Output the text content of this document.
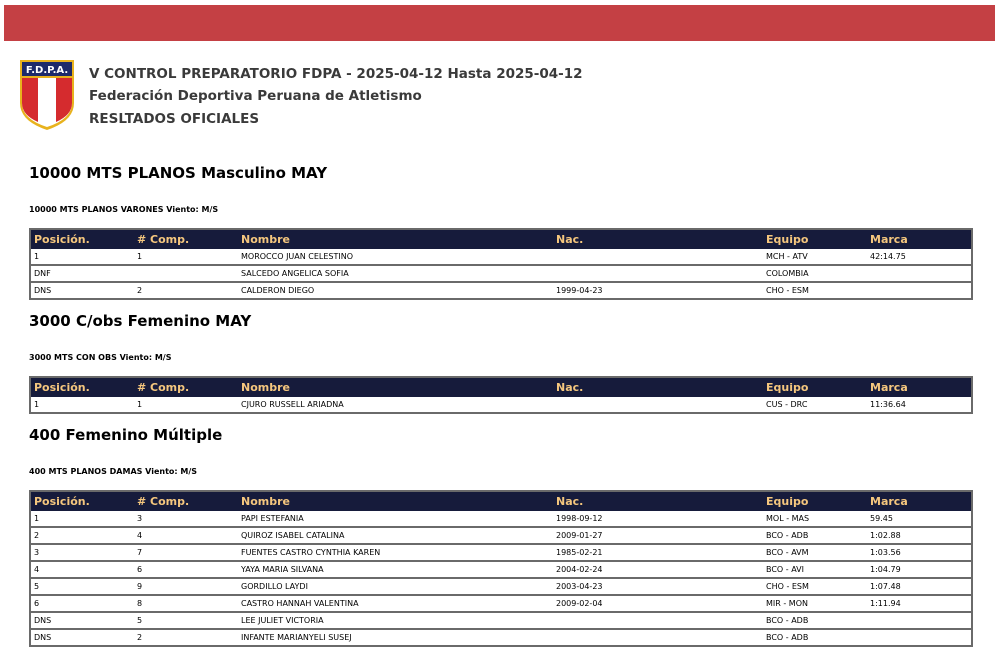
F.D.P.A. V CONTROL PREPARATORIO FDPA - 2025-04-12 Hasta 2025-04-12
Federación Deportiva Peruana de Atletismo
RESLTADOS OFICIALES
10000 MTS PLANOS Masculino MAY
10000 MTS PLANOS VARONES Viento: M/S
Posición.	# Comp.	Nombre	Nac.	Equipo	Marca
1	1	MOROCCO JUAN CELESTINO		MCH - ATV	42:14.75
DNF		SALCEDO ANGELICA SOFIA		COLOMBIA	
DNS	2	CALDERON DIEGO	1999-04-23	CHO - ESM	
3000 C/obs Femenino MAY
3000 MTS CON OBS Viento: M/S
Posición.	# Comp.	Nombre	Nac.	Equipo	Marca
1	1	CJURO RUSSELL ARIADNA		CUS - DRC	11:36.64
400 Femenino Múltiple
400 MTS PLANOS DAMAS Viento: M/S
Posición.	# Comp.	Nombre	Nac.	Equipo	Marca
1	3	PAPI ESTEFANIA	1998-09-12	MOL - MAS	59.45
2	4	QUIROZ ISABEL CATALINA	2009-01-27	BCO - ADB	1:02.88
3	7	FUENTES CASTRO CYNTHIA KAREN	1985-02-21	BCO - AVM	1:03.56
4	6	YAYA MARIA SILVANA	2004-02-24	BCO - AVI	1:04.79
5	9	GORDILLO LAYDI	2003-04-23	CHO - ESM	1:07.48
6	8	CASTRO HANNAH VALENTINA	2009-02-04	MIR - MON	1:11.94
DNS	5	LEE JULIET VICTORIA		BCO - ADB	
DNS	2	INFANTE MARIANYELI SUSEJ		BCO - ADB	
